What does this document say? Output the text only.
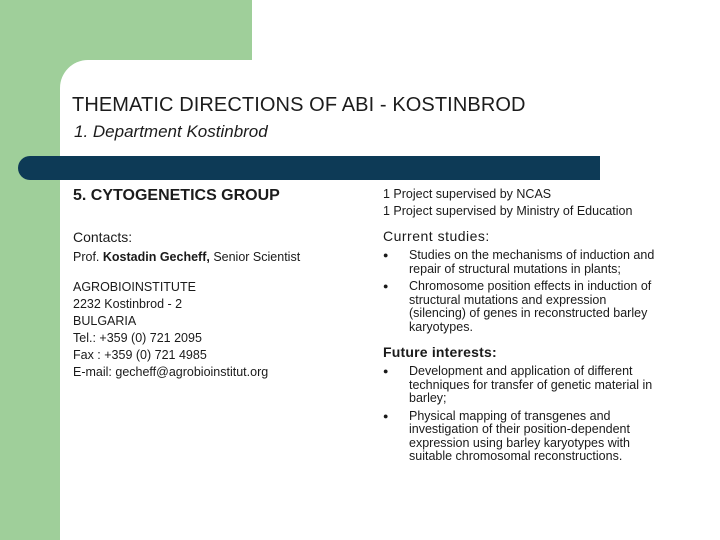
THEMATIC DIRECTIONS OF ABI - KOSTINBROD
1. Department Kostinbrod
5. CYTOGENETICS GROUP
Contacts:
Prof. Kostadin Gecheff, Senior Scientist
AGROBIOINSTITUTE
2232 Kostinbrod - 2
BULGARIA
Tel.: +359 (0) 721 2095
Fax : +359 (0) 721 4985
E-mail: gecheff@agrobioinstitut.org
1 Project supervised by NCAS
1 Project supervised by Ministry of Education
Current studies:
● Studies on the mechanisms of induction and repair of structural mutations in plants;
● Chromosome position effects in induction of structural mutations and expression (silencing) of genes in reconstructed barley karyotypes.
Future interests:
● Development and application of different techniques for transfer of genetic material in barley;
● Physical mapping of transgenes and investigation of their position-dependent expression using barley karyotypes with suitable chromosomal reconstructions.
